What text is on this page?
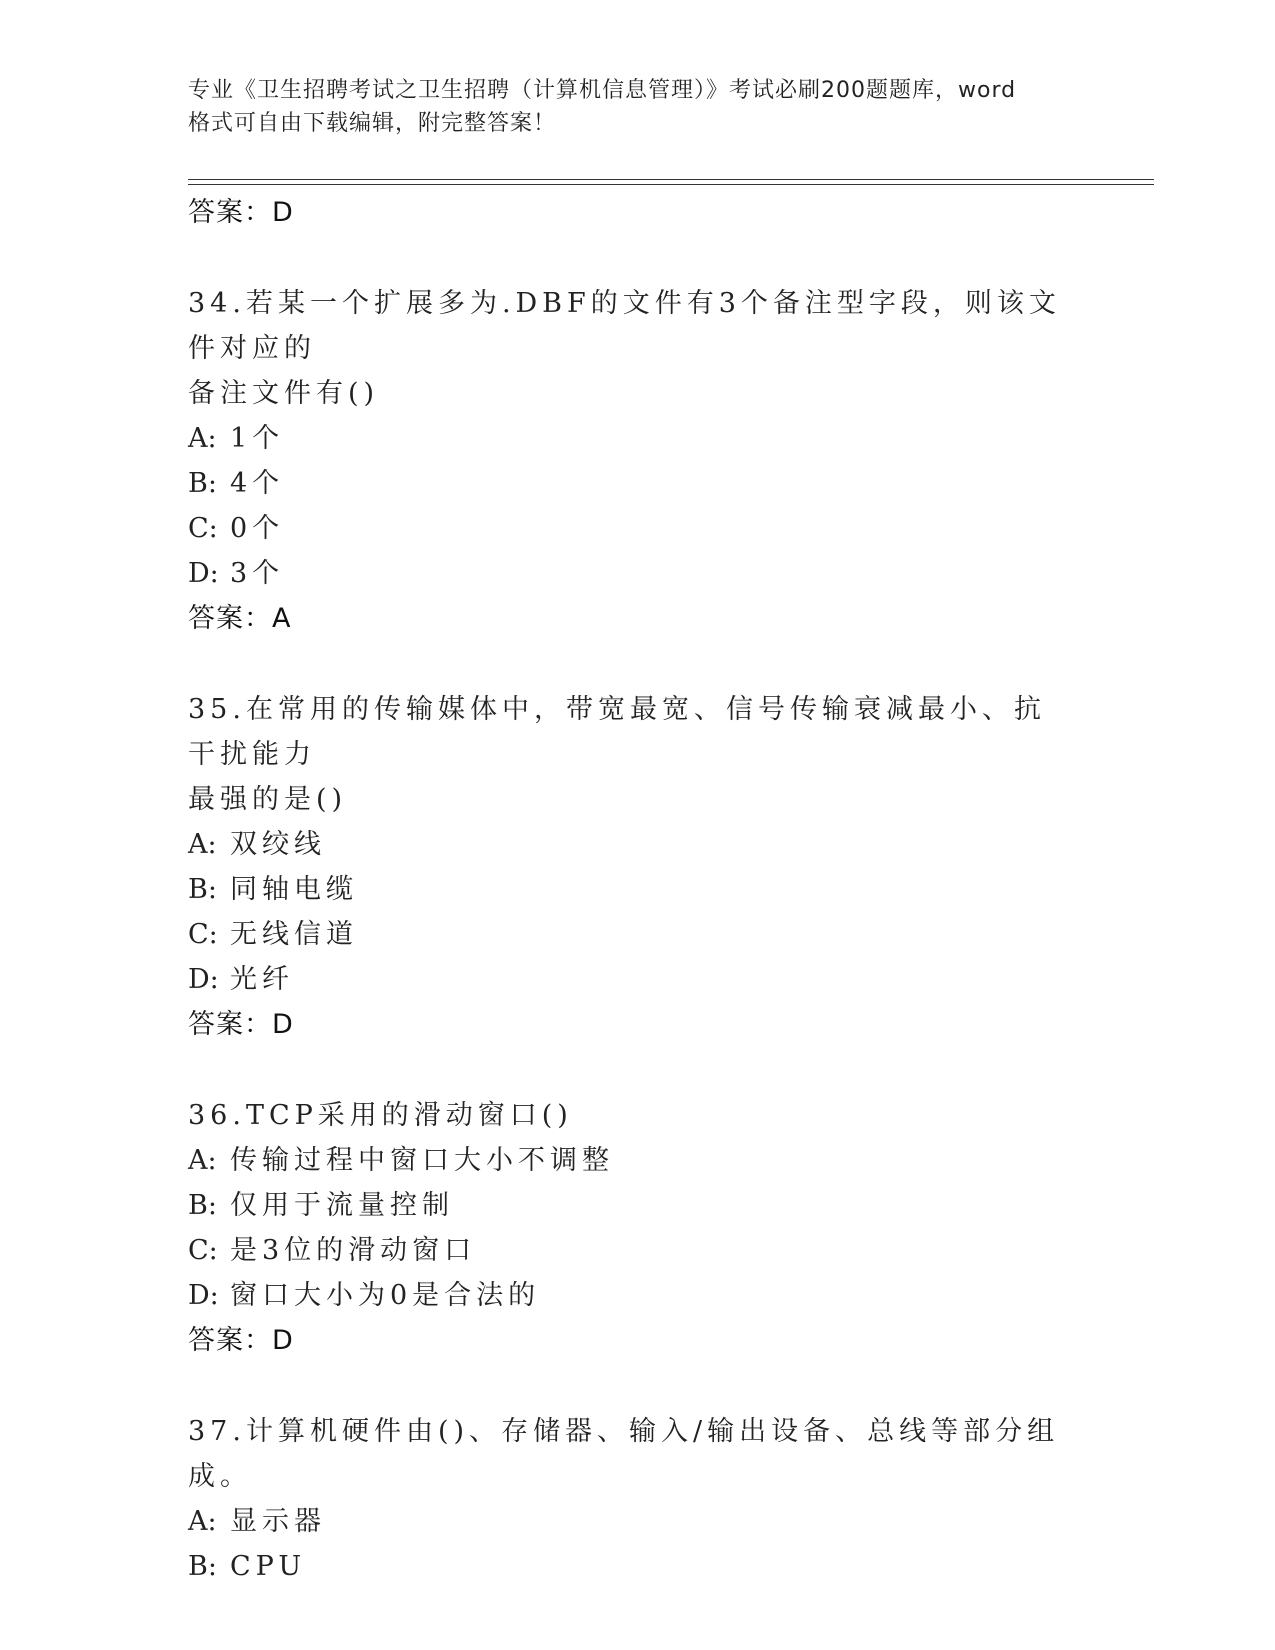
专业《卫生招聘考试之卫生招聘（计算机信息管理）》考试必刷200题题库，word
格式可自由下载编辑，附完整答案！
答案：D
34.若某一个扩展多为.DBF的文件有3个备注型字段，则该文件对应的
备注文件有()
A: 1个
B: 4个
C: 0个
D: 3个
答案：A
35.在常用的传输媒体中，带宽最宽、信号传输衰减最小、抗干扰能力
最强的是()
A: 双绞线
B: 同轴电缆
C: 无线信道
D: 光纤
答案：D
36.TCP采用的滑动窗口()
A: 传输过程中窗口大小不调整
B: 仅用于流量控制
C: 是3位的滑动窗口
D: 窗口大小为0是合法的
答案：D
37.计算机硬件由()、存储器、输入/输出设备、总线等部分组成。
A: 显示器
B: CPU
